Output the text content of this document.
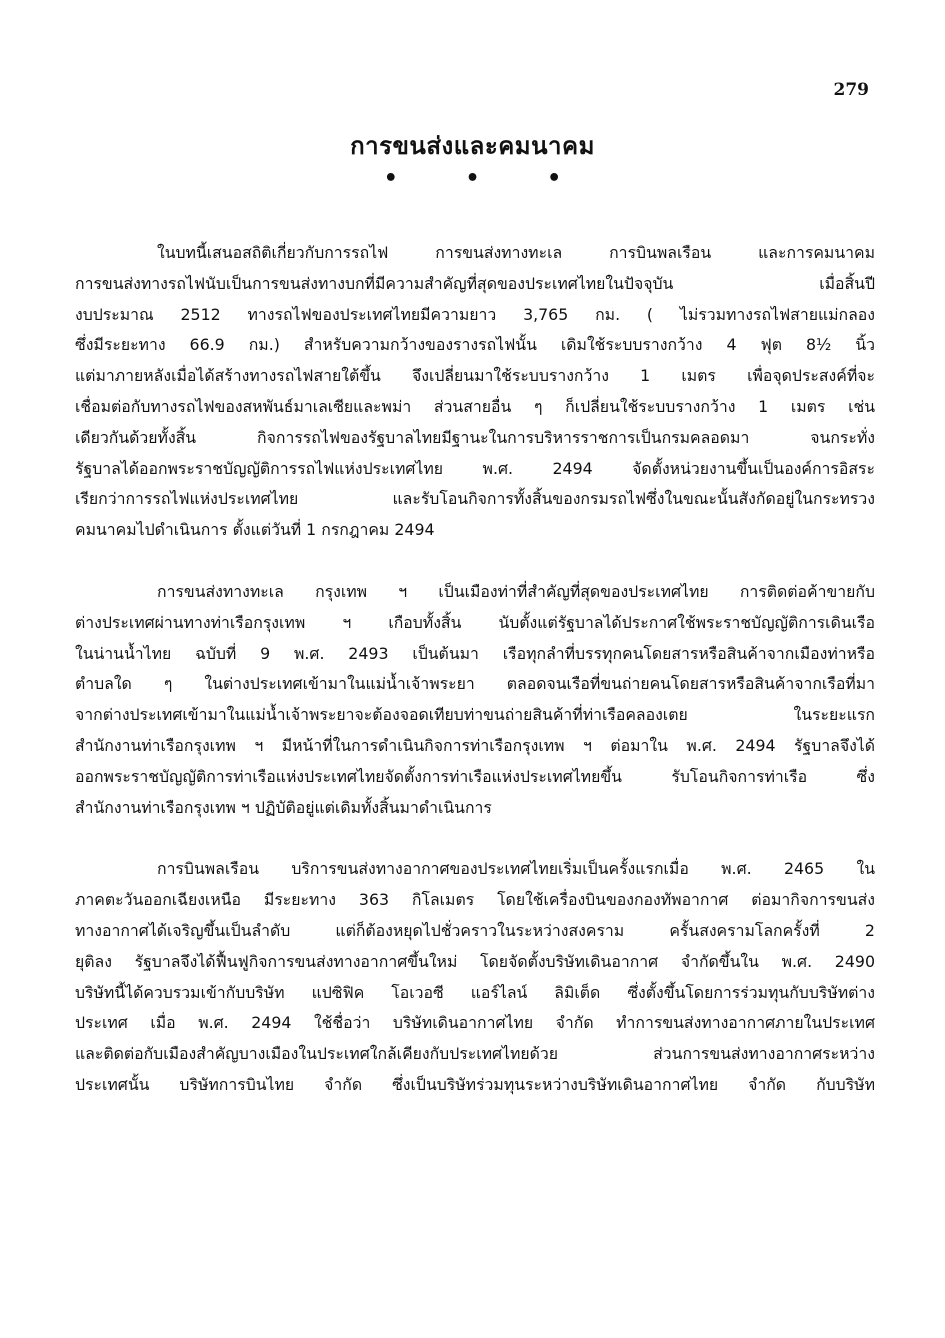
279
การขนส่งและคมนาคม
• • •
ในบทนี้เสนอสถิติเกี่ยวกับการรถไฟ การขนส่งทางทะเล การบินพลเรือน และการคมนาคม
การขนส่งทางรถไฟนับเป็นการขนส่งทางบกที่มีความสำคัญที่สุดของประเทศไทยในปัจจุบัน เมื่อสิ้นปี
งบประมาณ 2512 ทางรถไฟของประเทศไทยมีความยาว 3,765 กม. ( ไม่รวมทางรถไฟสายแม่กลอง
ซึ่งมีระยะทาง 66.9 กม.) สำหรับความกว้างของรางรถไฟนั้น เดิมใช้ระบบรางกว้าง 4 ฟุต 8½ นิ้ว
แต่มาภายหลังเมื่อได้สร้างทางรถไฟสายใต้ขึ้น จึงเปลี่ยนมาใช้ระบบรางกว้าง 1 เมตร เพื่อจุดประสงค์ที่จะ
เชื่อมต่อกับทางรถไฟของสหพันธ์มาเลเซียและพม่า ส่วนสายอื่น ๆ ก็เปลี่ยนใช้ระบบรางกว้าง 1 เมตร เช่น
เดียวกันด้วยทั้งสิ้น กิจการรถไฟของรัฐบาลไทยมีฐานะในการบริหารราชการเป็นกรมคลอดมา จนกระทั่ง
รัฐบาลได้ออกพระราชบัญญัติการรถไฟแห่งประเทศไทย พ.ศ. 2494 จัดตั้งหน่วยงานขึ้นเป็นองค์การอิสระ
เรียกว่าการรถไฟแห่งประเทศไทย และรับโอนกิจการทั้งสิ้นของกรมรถไฟซึ่งในขณะนั้นสังกัดอยู่ในกระทรวง
คมนาคมไปดำเนินการ ตั้งแต่วันที่ 1 กรกฎาคม 2494
การขนส่งทางทะเล กรุงเทพ ฯ เป็นเมืองท่าที่สำคัญที่สุดของประเทศไทย การติดต่อค้าขายกับ
ต่างประเทศผ่านทางท่าเรือกรุงเทพ ฯ เกือบทั้งสิ้น นับตั้งแต่รัฐบาลได้ประกาศใช้พระราชบัญญัติการเดินเรือ
ในน่านน้ำไทย ฉบับที่ 9 พ.ศ. 2493 เป็นต้นมา เรือทุกลำที่บรรทุกคนโดยสารหรือสินค้าจากเมืองท่าหรือ
ตำบลใด ๆ ในต่างประเทศเข้ามาในแม่น้ำเจ้าพระยา ตลอดจนเรือที่ขนถ่ายคนโดยสารหรือสินค้าจากเรือที่มา
จากต่างประเทศเข้ามาในแม่น้ำเจ้าพระยาจะต้องจอดเทียบท่าขนถ่ายสินค้าที่ท่าเรือคลองเตย ในระยะแรก
สำนักงานท่าเรือกรุงเทพ ฯ มีหน้าที่ในการดำเนินกิจการท่าเรือกรุงเทพ ฯ ต่อมาใน พ.ศ. 2494 รัฐบาลจึงได้
ออกพระราชบัญญัติการท่าเรือแห่งประเทศไทยจัดตั้งการท่าเรือแห่งประเทศไทยขึ้น รับโอนกิจการท่าเรือ ซึ่ง
สำนักงานท่าเรือกรุงเทพ ฯ ปฏิบัติอยู่แต่เดิมทั้งสิ้นมาดำเนินการ
การบินพลเรือน บริการขนส่งทางอากาศของประเทศไทยเริ่มเป็นครั้งแรกเมื่อ พ.ศ. 2465 ใน
ภาคตะวันออกเฉียงเหนือ มีระยะทาง 363 กิโลเมตร โดยใช้เครื่องบินของกองทัพอากาศ ต่อมากิจการขนส่ง
ทางอากาศได้เจริญขึ้นเป็นลำดับ แต่ก็ต้องหยุดไปชั่วคราวในระหว่างสงคราม ครั้นสงครามโลกครั้งที่ 2
ยุติลง รัฐบาลจึงได้ฟื้นฟูกิจการขนส่งทางอากาศขึ้นใหม่ โดยจัดตั้งบริษัทเดินอากาศ จำกัดขึ้นใน พ.ศ. 2490
บริษัทนี้ได้ควบรวมเข้ากับบริษัท แปซิฟิค โอเวอซี แอร์ไลน์ ลิมิเต็ด ซึ่งตั้งขึ้นโดยการร่วมทุนกับบริษัทต่าง
ประเทศ เมื่อ พ.ศ. 2494 ใช้ชื่อว่า บริษัทเดินอากาศไทย จำกัด ทำการขนส่งทางอากาศภายในประเทศ
และติดต่อกับเมืองสำคัญบางเมืองในประเทศใกล้เคียงกับประเทศไทยด้วย ส่วนการขนส่งทางอากาศระหว่าง
ประเทศนั้น บริษัทการบินไทย จำกัด ซึ่งเป็นบริษัทร่วมทุนระหว่างบริษัทเดินอากาศไทย จำกัด กับบริษัท
